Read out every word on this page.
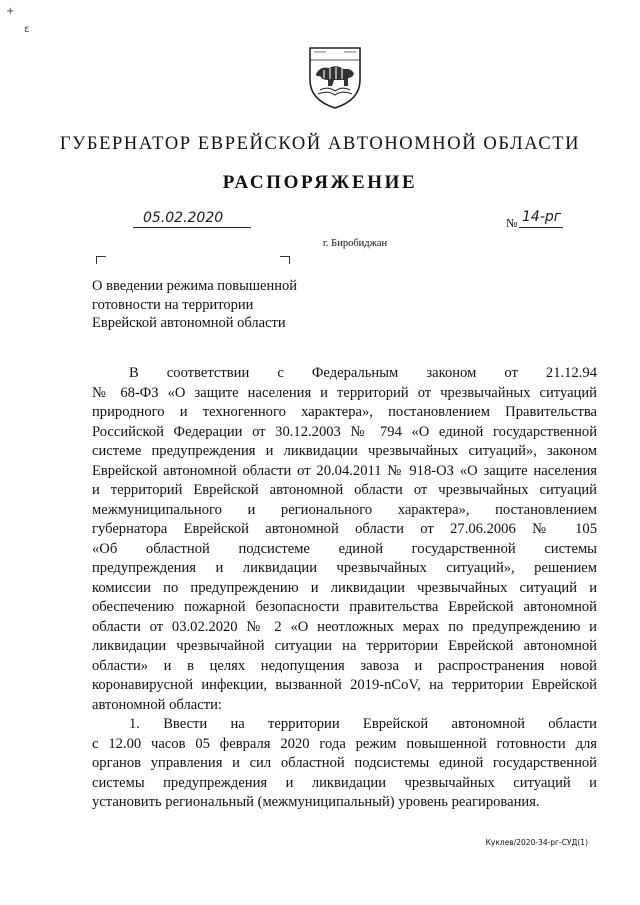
ГУБЕРНАТОР ЕВРЕЙСКОЙ АВТОНОМНОЙ ОБЛАСТИ
РАСПОРЯЖЕНИЕ
05.02.2020	№ 14-рг
г. Биробиджан
О введении режима повышенной
готовности на территории
Еврейской автономной области
В соответствии с Федеральным законом от 21.12.94
№ 68-ФЗ «О защите населения и территорий от чрезвычайных ситуаций
природного и техногенного характера», постановлением Правительства
Российской Федерации от 30.12.2003 № 794 «О единой государственной
системе предупреждения и ликвидации чрезвычайных ситуаций», законом
Еврейской автономной области от 20.04.2011 № 918-ОЗ «О защите населения
и территорий Еврейской автономной области от чрезвычайных ситуаций
межмуниципального и регионального характера», постановлением
губернатора Еврейской автономной области от 27.06.2006 № 105
«Об областной подсистеме единой государственной системы
предупреждения и ликвидации чрезвычайных ситуаций», решением
комиссии по предупреждению и ликвидации чрезвычайных ситуаций и
обеспечению пожарной безопасности правительства Еврейской автономной
области от 03.02.2020 № 2 «О неотложных мерах по предупреждению и
ликвидации чрезвычайной ситуации на территории Еврейской автономной
области» и в целях недопущения завоза и распространения новой
коронавирусной инфекции, вызванной 2019-nCoV, на территории Еврейской
автономной области:
1. Ввести на территории Еврейской автономной области
с 12.00 часов 05 февраля 2020 года режим повышенной готовности для
органов управления и сил областной подсистемы единой государственной
системы предупреждения и ликвидации чрезвычайных ситуаций и
установить региональный (межмуниципальный) уровень реагирования.
Куклев/2020-34-рг-СУД(1)
+
ɛ
